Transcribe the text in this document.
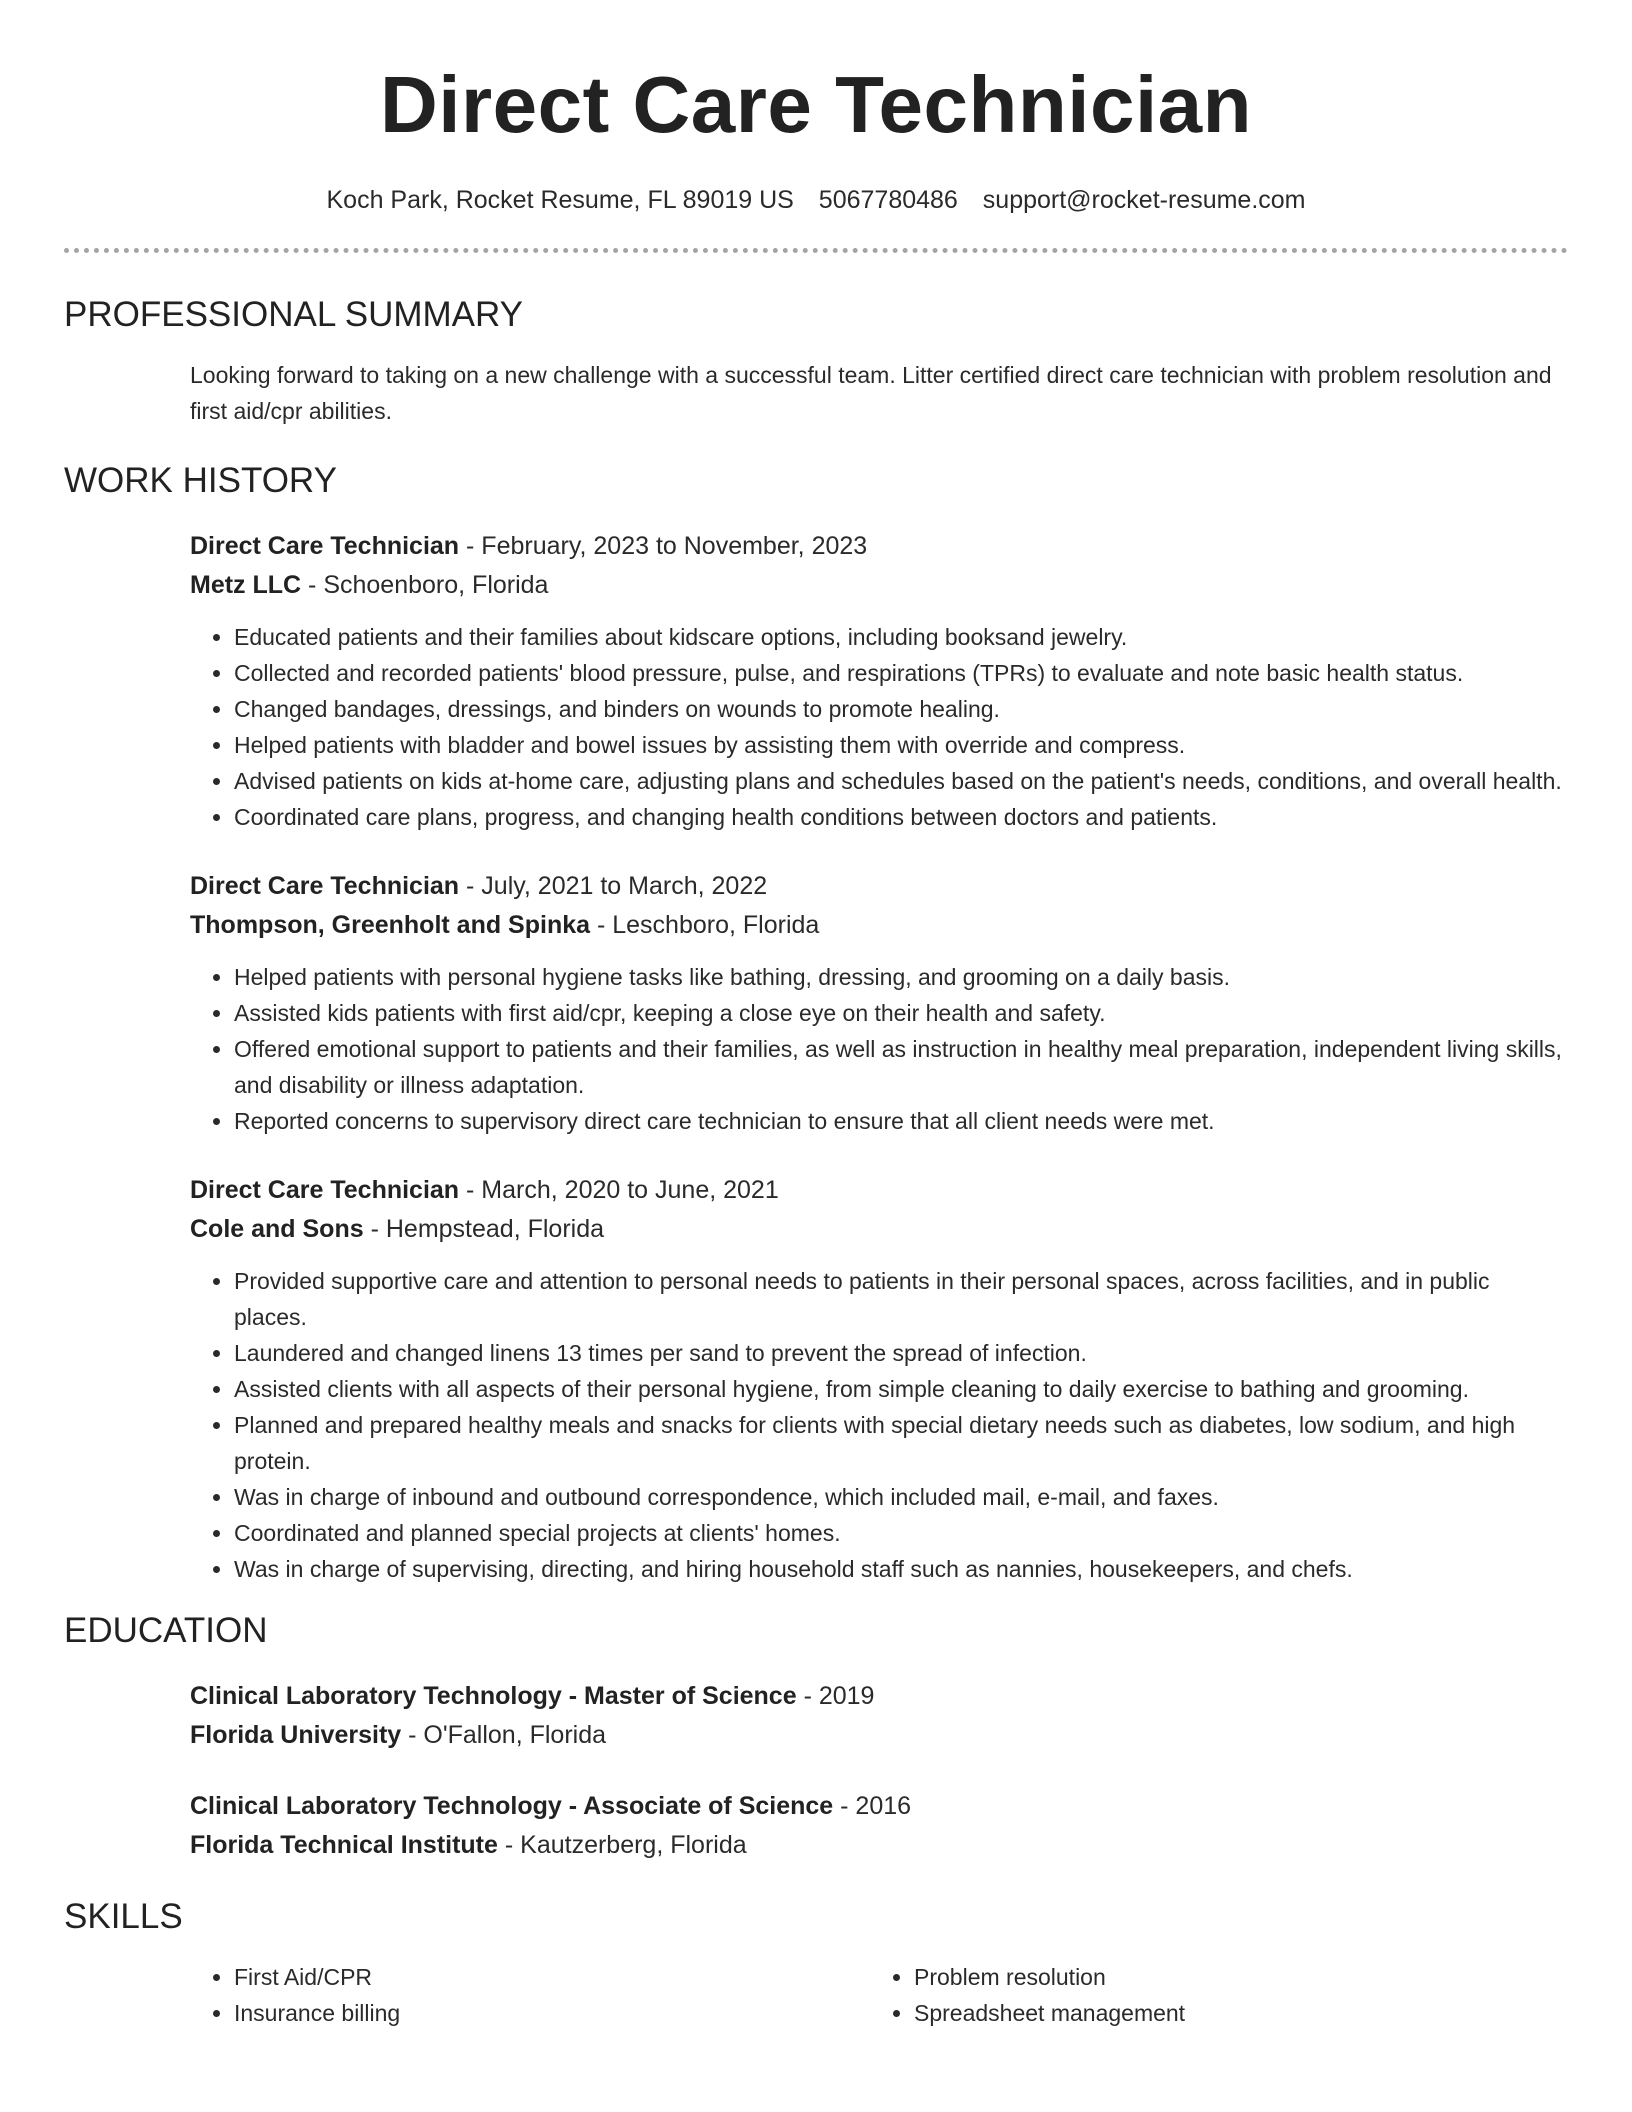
Direct Care Technician
Koch Park, Rocket Resume, FL 89019 US 5067780486 support@rocket-resume.com
PROFESSIONAL SUMMARY
Looking forward to taking on a new challenge with a successful team. Litter certified direct care technician with problem resolution and first aid/cpr abilities.
WORK HISTORY
Direct Care Technician - February, 2023 to November, 2023
Metz LLC - Schoenboro, Florida
• Educated patients and their families about kidscare options, including booksand jewelry.
• Collected and recorded patients' blood pressure, pulse, and respirations (TPRs) to evaluate and note basic health status.
• Changed bandages, dressings, and binders on wounds to promote healing.
• Helped patients with bladder and bowel issues by assisting them with override and compress.
• Advised patients on kids at-home care, adjusting plans and schedules based on the patient's needs, conditions, and overall health.
• Coordinated care plans, progress, and changing health conditions between doctors and patients.
Direct Care Technician - July, 2021 to March, 2022
Thompson, Greenholt and Spinka - Leschboro, Florida
• Helped patients with personal hygiene tasks like bathing, dressing, and grooming on a daily basis.
• Assisted kids patients with first aid/cpr, keeping a close eye on their health and safety.
• Offered emotional support to patients and their families, as well as instruction in healthy meal preparation, independent living skills, and disability or illness adaptation.
• Reported concerns to supervisory direct care technician to ensure that all client needs were met.
Direct Care Technician - March, 2020 to June, 2021
Cole and Sons - Hempstead, Florida
• Provided supportive care and attention to personal needs to patients in their personal spaces, across facilities, and in public places.
• Laundered and changed linens 13 times per sand to prevent the spread of infection.
• Assisted clients with all aspects of their personal hygiene, from simple cleaning to daily exercise to bathing and grooming.
• Planned and prepared healthy meals and snacks for clients with special dietary needs such as diabetes, low sodium, and high protein.
• Was in charge of inbound and outbound correspondence, which included mail, e-mail, and faxes.
• Coordinated and planned special projects at clients' homes.
• Was in charge of supervising, directing, and hiring household staff such as nannies, housekeepers, and chefs.
EDUCATION
Clinical Laboratory Technology - Master of Science - 2019
Florida University - O'Fallon, Florida
Clinical Laboratory Technology - Associate of Science - 2016
Florida Technical Institute - Kautzerberg, Florida
SKILLS
• First Aid/CPR
• Insurance billing
• Problem resolution
• Spreadsheet management
